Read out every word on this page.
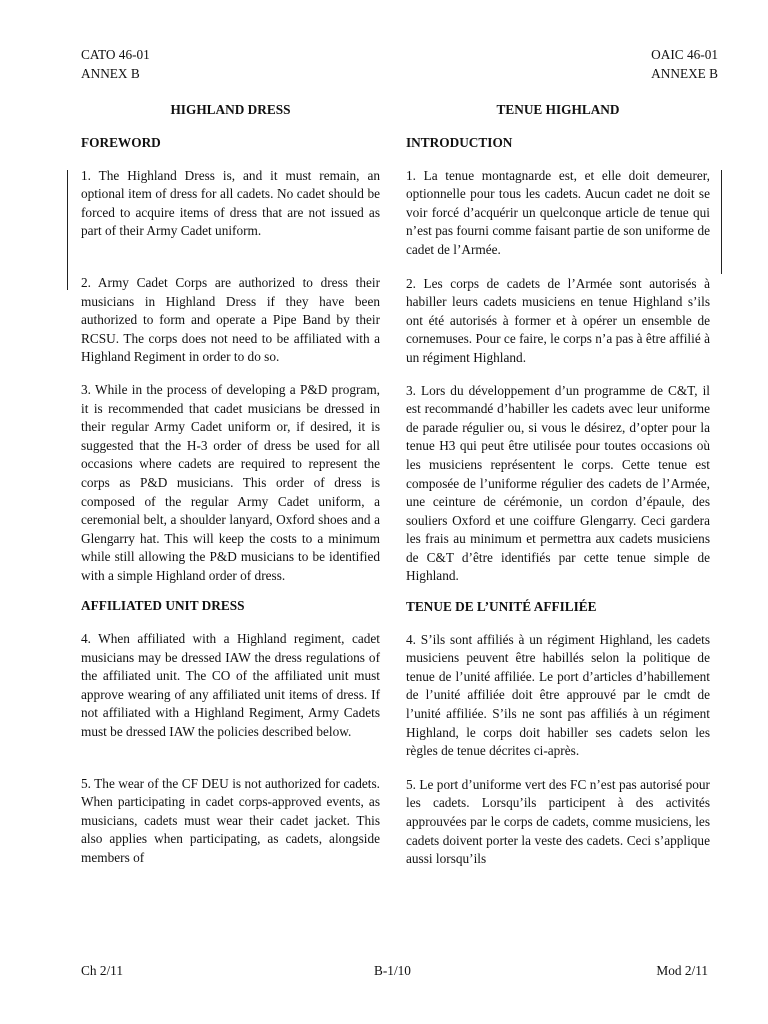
CATO 46-01
ANNEX B
OAIC 46-01
ANNEXE B
HIGHLAND DRESS
FOREWORD

1. The Highland Dress is, and it must remain, an optional item of dress for all cadets. No cadet should be forced to acquire items of dress that are not issued as part of their Army Cadet uniform.

2. Army Cadet Corps are authorized to dress their musicians in Highland Dress if they have been authorized to form and operate a Pipe Band by their RCSU. The corps does not need to be affiliated with a Highland Regiment in order to do so.

3. While in the process of developing a P&D program, it is recommended that cadet musicians be dressed in their regular Army Cadet uniform or, if desired, it is suggested that the H-3 order of dress be used for all occasions where cadets are required to represent the corps as P&D musicians. This order of dress is composed of the regular Army Cadet uniform, a ceremonial belt, a shoulder lanyard, Oxford shoes and a Glengarry hat. This will keep the costs to a minimum while still allowing the P&D musicians to be identified with a simple Highland order of dress.

AFFILIATED UNIT DRESS

4. When affiliated with a Highland regiment, cadet musicians may be dressed IAW the dress regulations of the affiliated unit. The CO of the affiliated unit must approve wearing of any affiliated unit items of dress. If not affiliated with a Highland Regiment, Army Cadets must be dressed IAW the policies described below.

5. The wear of the CF DEU is not authorized for cadets. When participating in cadet corps-approved events, as musicians, cadets must wear their cadet jacket. This also applies when participating, as cadets, alongside members of

TENUE HIGHLAND
INTRODUCTION

1. La tenue montagnarde est, et elle doit demeurer, optionnelle pour tous les cadets. Aucun cadet ne doit se voir forcé d’acquérir un quelconque article de tenue qui n’est pas fourni comme faisant partie de son uniforme de cadet de l’Armée.

2. Les corps de cadets de l’Armée sont autorisés à habiller leurs cadets musiciens en tenue Highland s’ils ont été autorisés à former et à opérer un ensemble de cornemuses. Pour ce faire, le corps n’a pas à être affilié à un régiment Highland.

3. Lors du développement d’un programme de C&T, il est recommandé d’habiller les cadets avec leur uniforme de parade régulier ou, si vous le désirez, d’opter pour la tenue H3 qui peut être utilisée pour toutes occasions où les musiciens représentent le corps. Cette tenue est composée de l’uniforme régulier des cadets de l’Armée, une ceinture de cérémonie, un cordon d’épaule, des souliers Oxford et une coiffure Glengarry. Ceci gardera les frais au minimum et permettra aux cadets musiciens de C&T d’être identifiés par cette tenue simple de Highland.

TENUE DE L’UNITÉ AFFILIÉE

4. S’ils sont affiliés à un régiment Highland, les cadets musiciens peuvent être habillés selon la politique de tenue de l’unité affiliée. Le port d’articles d’habillement de l’unité affiliée doit être approuvé par le cmdt de l’unité affiliée. S’ils ne sont pas affiliés à un régiment Highland, le corps doit habiller ses cadets selon les règles de tenue décrites ci-après.

5. Le port d’uniforme vert des FC n’est pas autorisé pour les cadets. Lorsqu’ils participent à des activités approuvées par le corps de cadets, comme musiciens, les cadets doivent porter la veste des cadets. Ceci s’applique aussi lorsqu’ils

Ch 2/11	B-1/10	Mod 2/11
